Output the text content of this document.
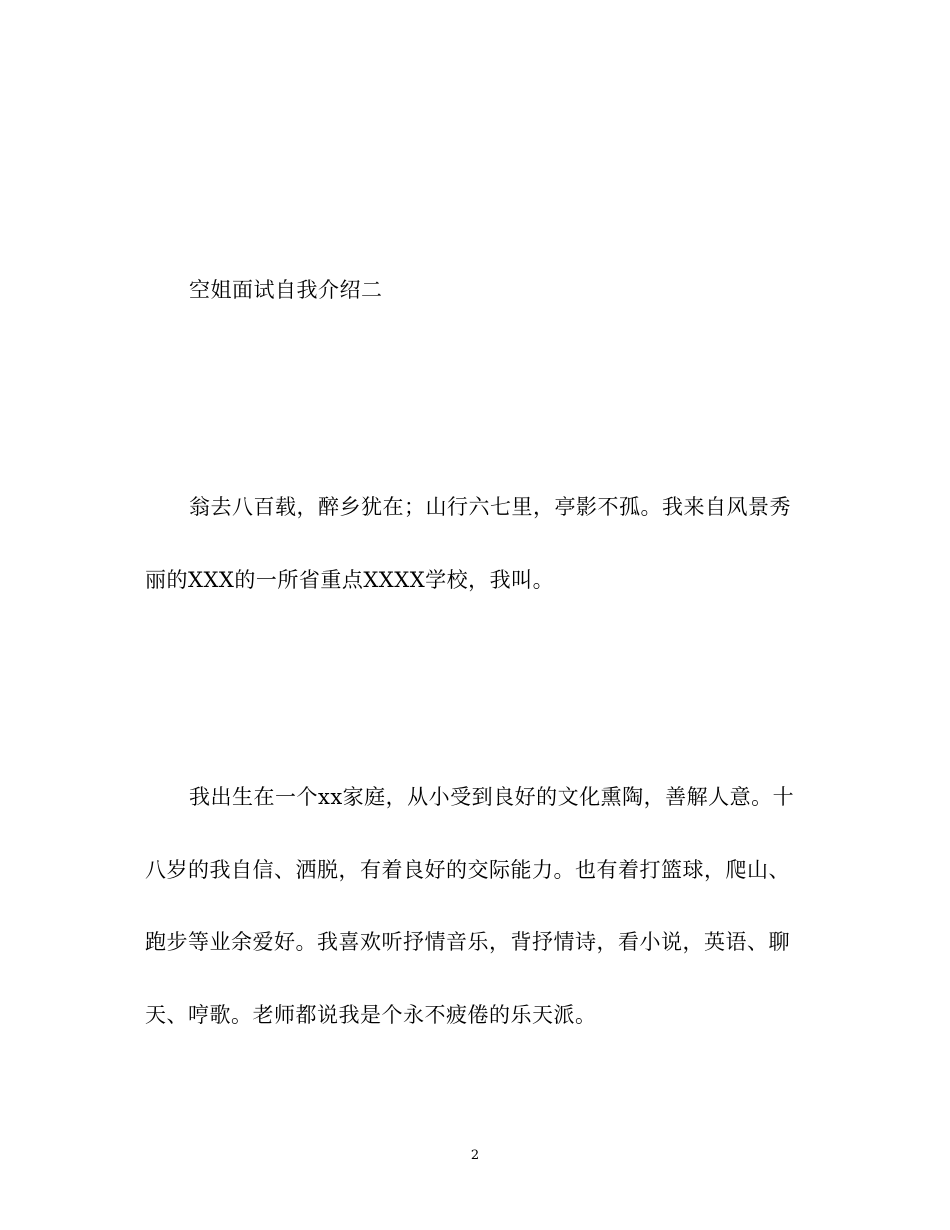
空姐面试自我介绍二
翁去八百载，醉乡犹在；山行六七里，亭影不孤。我来自风景秀
丽的XXX的一所省重点XXXX学校，我叫。
我出生在一个xx家庭，从小受到良好的文化熏陶，善解人意。十
八岁的我自信、洒脱，有着良好的交际能力。也有着打篮球，爬山、
跑步等业余爱好。我喜欢听抒情音乐，背抒情诗，看小说，英语、聊
天、哼歌。老师都说我是个永不疲倦的乐天派。
2
